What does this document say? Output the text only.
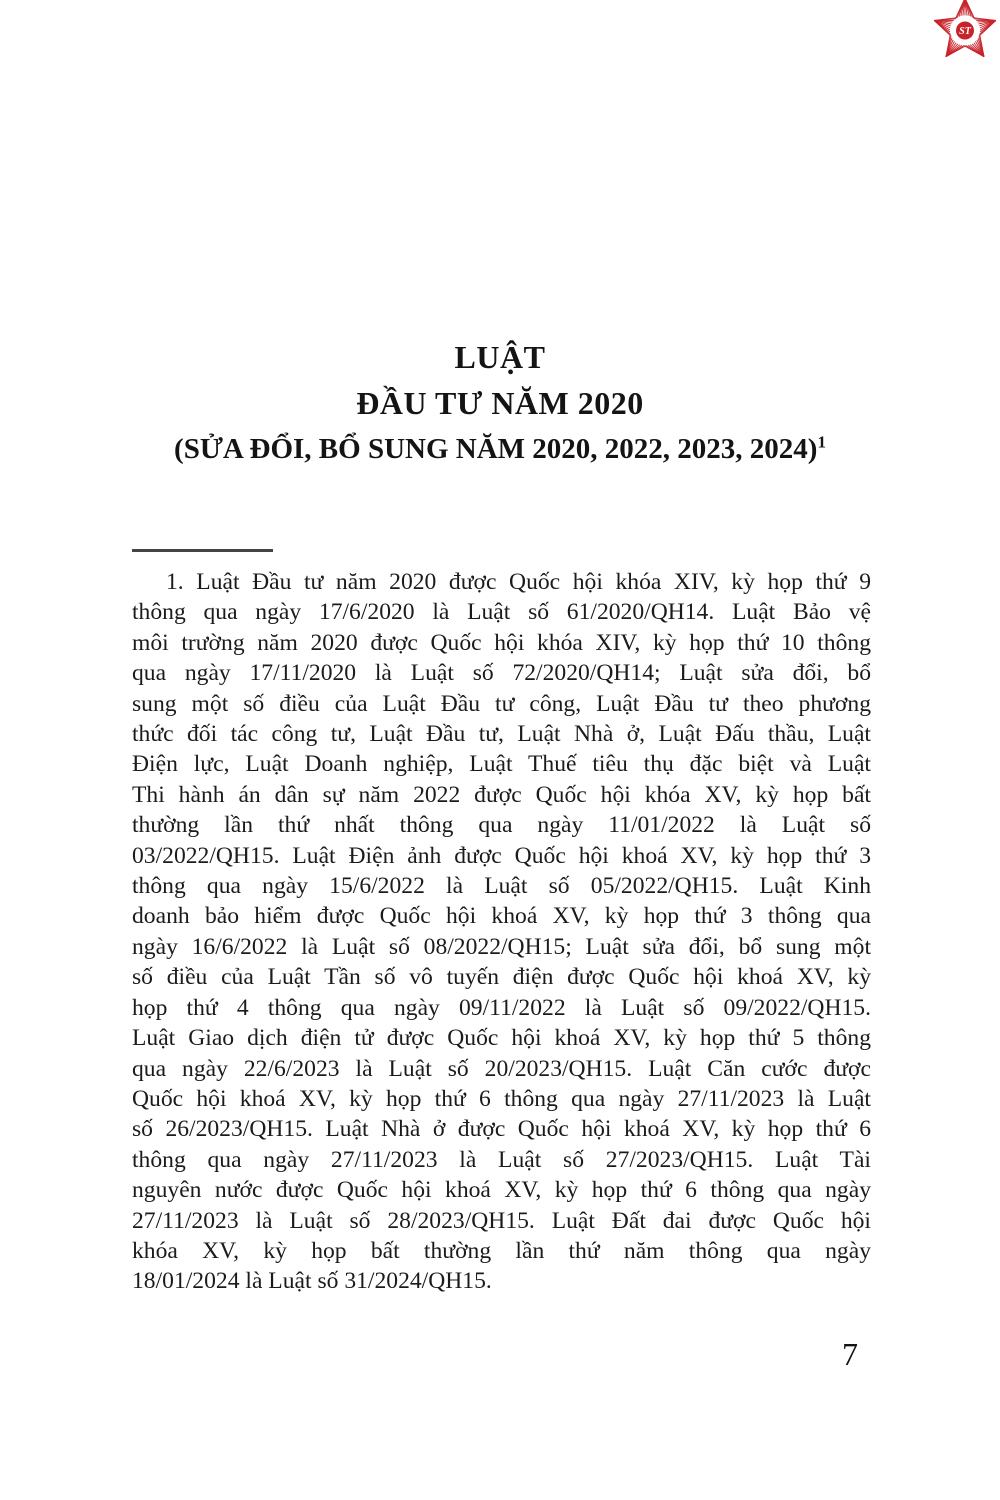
ST
LUẬT
ĐẦU TƯ NĂM 2020
(SỬA ĐỔI, BỔ SUNG NĂM 2020, 2022, 2023, 2024)$^1$
1. Luật Đầu tư năm 2020 được Quốc hội khóa XIV, kỳ họp thứ 9
thông qua ngày 17/6/2020 là Luật số 61/2020/QH14. Luật Bảo vệ
môi trường năm 2020 được Quốc hội khóa XIV, kỳ họp thứ 10 thông
qua ngày 17/11/2020 là Luật số 72/2020/QH14; Luật sửa đổi, bổ
sung một số điều của Luật Đầu tư công, Luật Đầu tư theo phương
thức đối tác công tư, Luật Đầu tư, Luật Nhà ở, Luật Đấu thầu, Luật
Điện lực, Luật Doanh nghiệp, Luật Thuế tiêu thụ đặc biệt và Luật
Thi hành án dân sự năm 2022 được Quốc hội khóa XV, kỳ họp bất
thường lần thứ nhất thông qua ngày 11/01/2022 là Luật số
03/2022/QH15. Luật Điện ảnh được Quốc hội khoá XV, kỳ họp thứ 3
thông qua ngày 15/6/2022 là Luật số 05/2022/QH15. Luật Kinh
doanh bảo hiểm được Quốc hội khoá XV, kỳ họp thứ 3 thông qua
ngày 16/6/2022 là Luật số 08/2022/QH15; Luật sửa đổi, bổ sung một
số điều của Luật Tần số vô tuyến điện được Quốc hội khoá XV, kỳ
họp thứ 4 thông qua ngày 09/11/2022 là Luật số 09/2022/QH15.
Luật Giao dịch điện tử được Quốc hội khoá XV, kỳ họp thứ 5 thông
qua ngày 22/6/2023 là Luật số 20/2023/QH15. Luật Căn cước được
Quốc hội khoá XV, kỳ họp thứ 6 thông qua ngày 27/11/2023 là Luật
số 26/2023/QH15. Luật Nhà ở được Quốc hội khoá XV, kỳ họp thứ 6
thông qua ngày 27/11/2023 là Luật số 27/2023/QH15. Luật Tài
nguyên nước được Quốc hội khoá XV, kỳ họp thứ 6 thông qua ngày
27/11/2023 là Luật số 28/2023/QH15. Luật Đất đai được Quốc hội
khóa XV, kỳ họp bất thường lần thứ năm thông qua ngày
18/01/2024 là Luật số 31/2024/QH15.
7
